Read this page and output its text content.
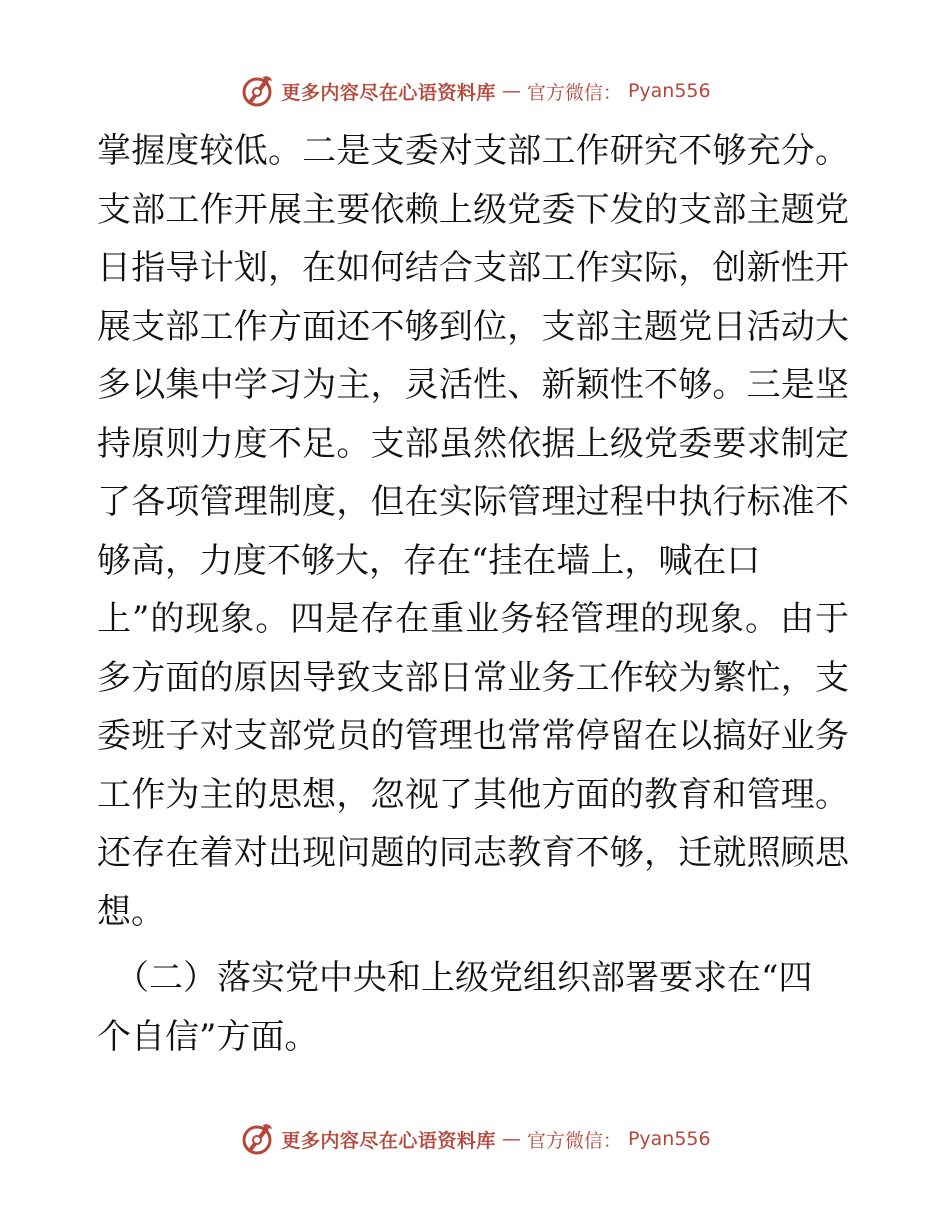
更多内容尽在心语资料库 — 官方微信： Pyan556
掌握度较低。二是支委对支部工作研究不够充分。
支部工作开展主要依赖上级党委下发的支部主题党
日指导计划，在如何结合支部工作实际，创新性开
展支部工作方面还不够到位，支部主题党日活动大
多以集中学习为主，灵活性、新颖性不够。三是坚
持原则力度不足。支部虽然依据上级党委要求制定
了各项管理制度，但在实际管理过程中执行标准不
够高，力度不够大，存在“挂在墙上，喊在口
上”的现象。四是存在重业务轻管理的现象。由于
多方面的原因导致支部日常业务工作较为繁忙，支
委班子对支部党员的管理也常常停留在以搞好业务
工作为主的思想，忽视了其他方面的教育和管理。
还存在着对出现问题的同志教育不够，迁就照顾思
想。
（二）落实党中央和上级党组织部署要求在“四
个自信”方面。
更多内容尽在心语资料库 — 官方微信： Pyan556
